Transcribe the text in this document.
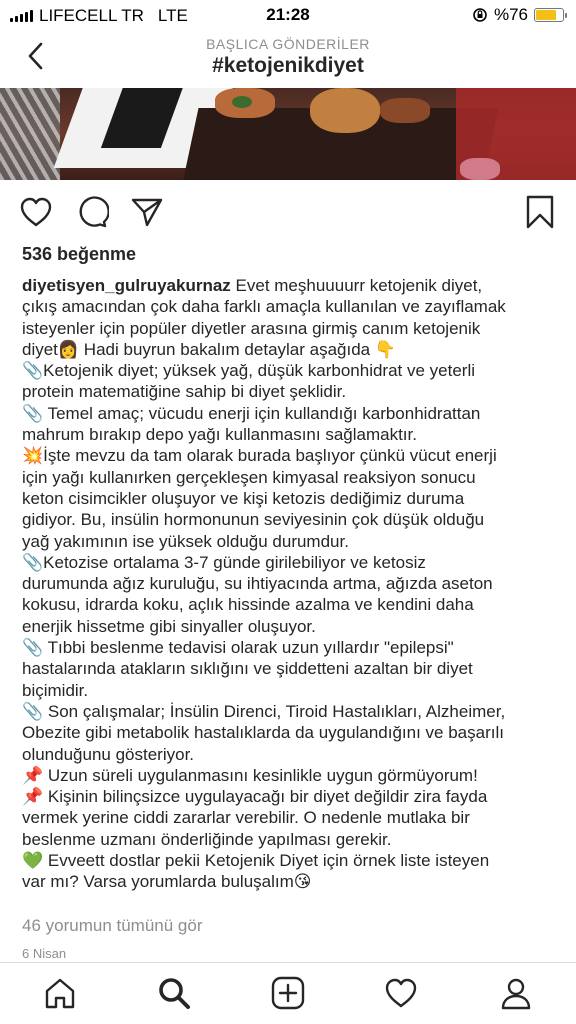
LIFECELL TR LTE	21:28	%76
BAŞLICA GÖNDERİLER
#ketojenikdiyet
536 beğenme
diyetisyen_gulruyakurnaz Evet meşhuuuurr ketojenik diyet,
çıkış amacından çok daha farklı amaçla kullanılan ve zayıflamak
isteyenler için popüler diyetler arasına girmiş canım ketojenik
diyet👩 Hadi buyrun bakalım detaylar aşağıda 👇
📎Ketojenik diyet; yüksek yağ, düşük karbonhidrat ve yeterli
protein matematiğine sahip bi diyet şeklidir.
📎 Temel amaç; vücudu enerji için kullandığı karbonhidrattan
mahrum bırakıp depo yağı kullanmasını sağlamaktır.
💥İşte mevzu da tam olarak burada başlıyor çünkü vücut enerji
için yağı kullanırken gerçekleşen kimyasal reaksiyon sonucu
keton cisimcikler oluşuyor ve kişi ketozis dediğimiz duruma
gidiyor. Bu, insülin hormonunun seviyesinin çok düşük olduğu
yağ yakımının ise yüksek olduğu durumdur.
📎Ketozise ortalama 3-7 günde girilebiliyor ve ketosiz
durumunda ağız kuruluğu, su ihtiyacında artma, ağızda aseton
kokusu, idrarda koku, açlık hissinde azalma ve kendini daha
enerjik hissetme gibi sinyaller oluşuyor.
📎 Tıbbi beslenme tedavisi olarak uzun yıllardır "epilepsi"
hastalarında atakların sıklığını ve şiddetteni azaltan bir diyet
biçimidir.
📎 Son çalışmalar; İnsülin Direnci, Tiroid Hastalıkları, Alzheimer,
Obezite gibi metabolik hastalıklarda da uygulandığını ve başarılı
olunduğunu gösteriyor.
📌 Uzun süreli uygulanmasını kesinlikle uygun görmüyorum!
📌 Kişinin bilinçsizce uygulayacağı bir diyet değildir zira fayda
vermek yerine ciddi zararlar verebilir. O nedenle mutlaka bir
beslenme uzmanı önderliğinde yapılması gerekir.
💚 Evveett dostlar pekii Ketojenik Diyet için örnek liste isteyen
var mı? Varsa yorumlarda buluşalım😘
46 yorumun tümünü gör
6 Nisan
